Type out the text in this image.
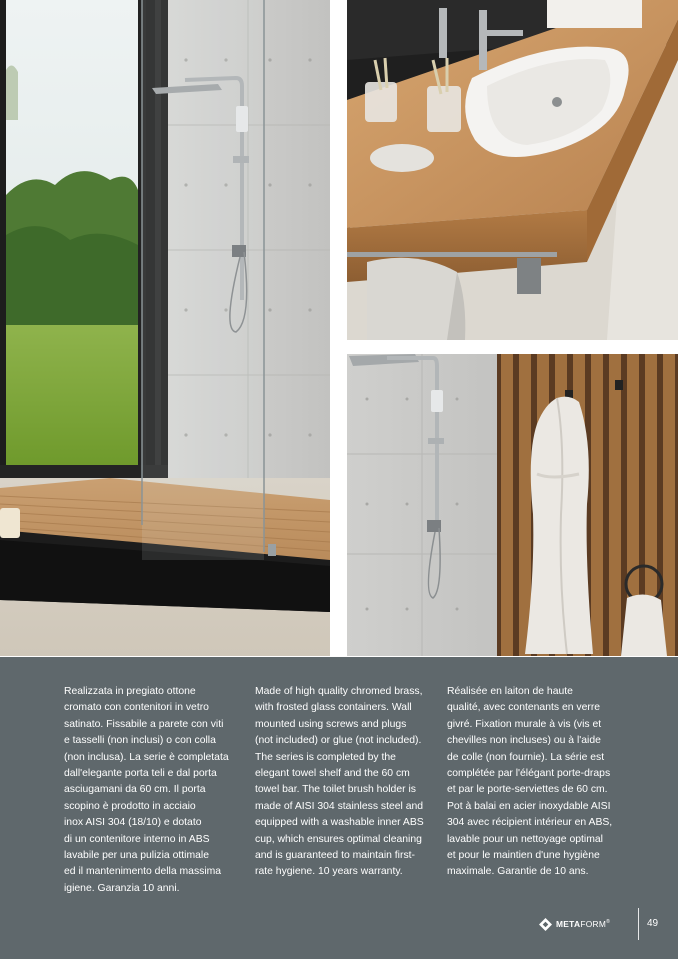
Realizzata in pregiato ottone
cromato con contenitori in vetro
satinato. Fissabile a parete con viti
e tasselli (non inclusi) o con colla
(non inclusa). La serie è completata
dall'elegante porta teli e dal porta
asciugamani da 60 cm. Il porta
scopino è prodotto in acciaio
inox AISI 304 (18/10) e dotato
di un contenitore interno in ABS
lavabile per una pulizia ottimale
ed il mantenimento della massima
igiene. Garanzia 10 anni.
Made of high quality chromed brass,
with frosted glass containers. Wall
mounted using screws and plugs
(not included) or glue (not included).
The series is completed by the
elegant towel shelf and the 60 cm
towel bar. The toilet brush holder is
made of AISI 304 stainless steel and
equipped with a washable inner ABS
cup, which ensures optimal cleaning
and is guaranteed to maintain first-
rate hygiene. 10 years warranty.
Réalisée en laiton de haute
qualité, avec contenants en verre
givré. Fixation murale à vis (vis et
chevilles non incluses) ou à l'aide
de colle (non fournie). La série est
complétée par l'élégant porte-draps
et par le porte-serviettes de 60 cm.
Pot à balai en acier inoxydable AISI
304 avec récipient intérieur en ABS,
lavable pour un nettoyage optimal
et pour le maintien d'une hygiène
maximale. Garantie de 10 ans.
METAFORM®	49
